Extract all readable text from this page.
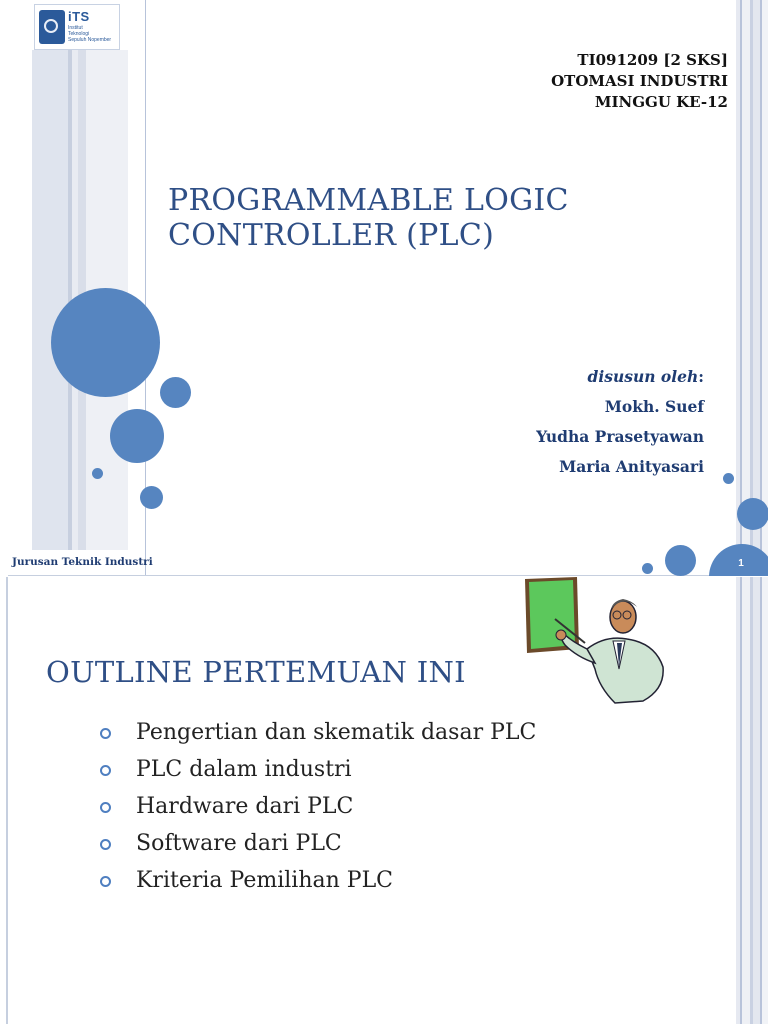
iTS
Institut
Teknologi
Sepuluh Nopember
TI091209 [2 SKS]
OTOMASI INDUSTRI
MINGGU KE-12
PROGRAMMABLE LOGIC
CONTROLLER (PLC)
disusun oleh:
Mokh. Suef
Yudha Prasetyawan
Maria Anityasari
1
Jurusan Teknik Industri
OUTLINE PERTEMUAN INI
Pengertian dan skematik dasar PLC
PLC dalam industri
Hardware dari PLC
Software dari PLC
Kriteria Pemilihan PLC
